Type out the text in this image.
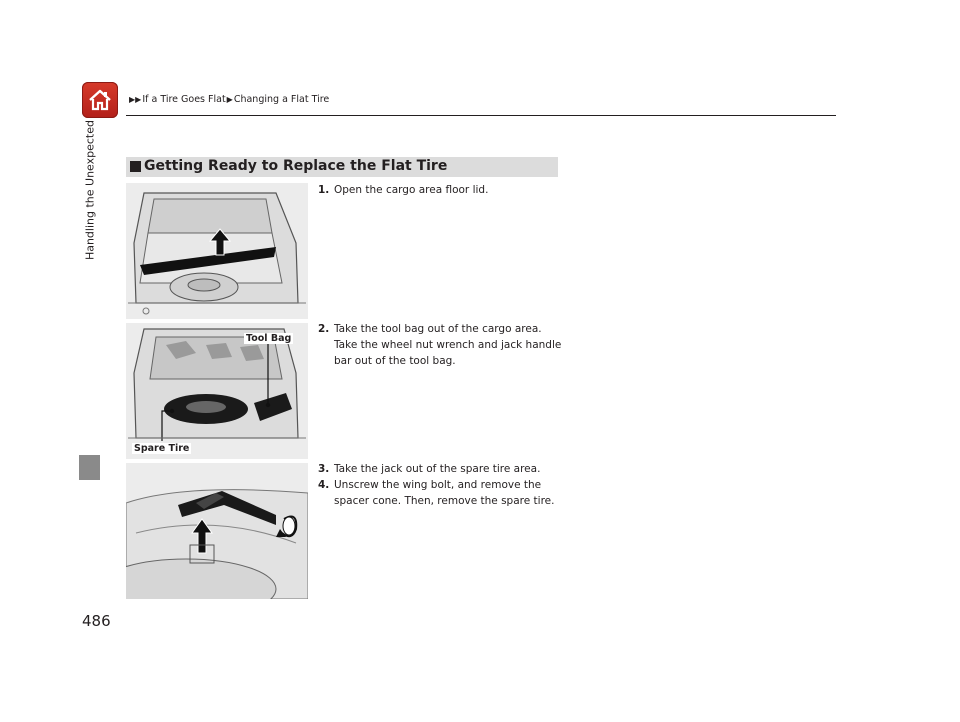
▶▶If a Tire Goes Flat▶Changing a Flat Tire
Handling the Unexpected
486
Getting Ready to Replace the Flat Tire
Tool Bag
Spare Tire
1. Open the cargo area floor lid.
2. Take the tool bag out of the cargo area. Take the wheel nut wrench and jack handle bar out of the tool bag.
3. Take the jack out of the spare tire area.
4. Unscrew the wing bolt, and remove the spacer cone. Then, remove the spare tire.
